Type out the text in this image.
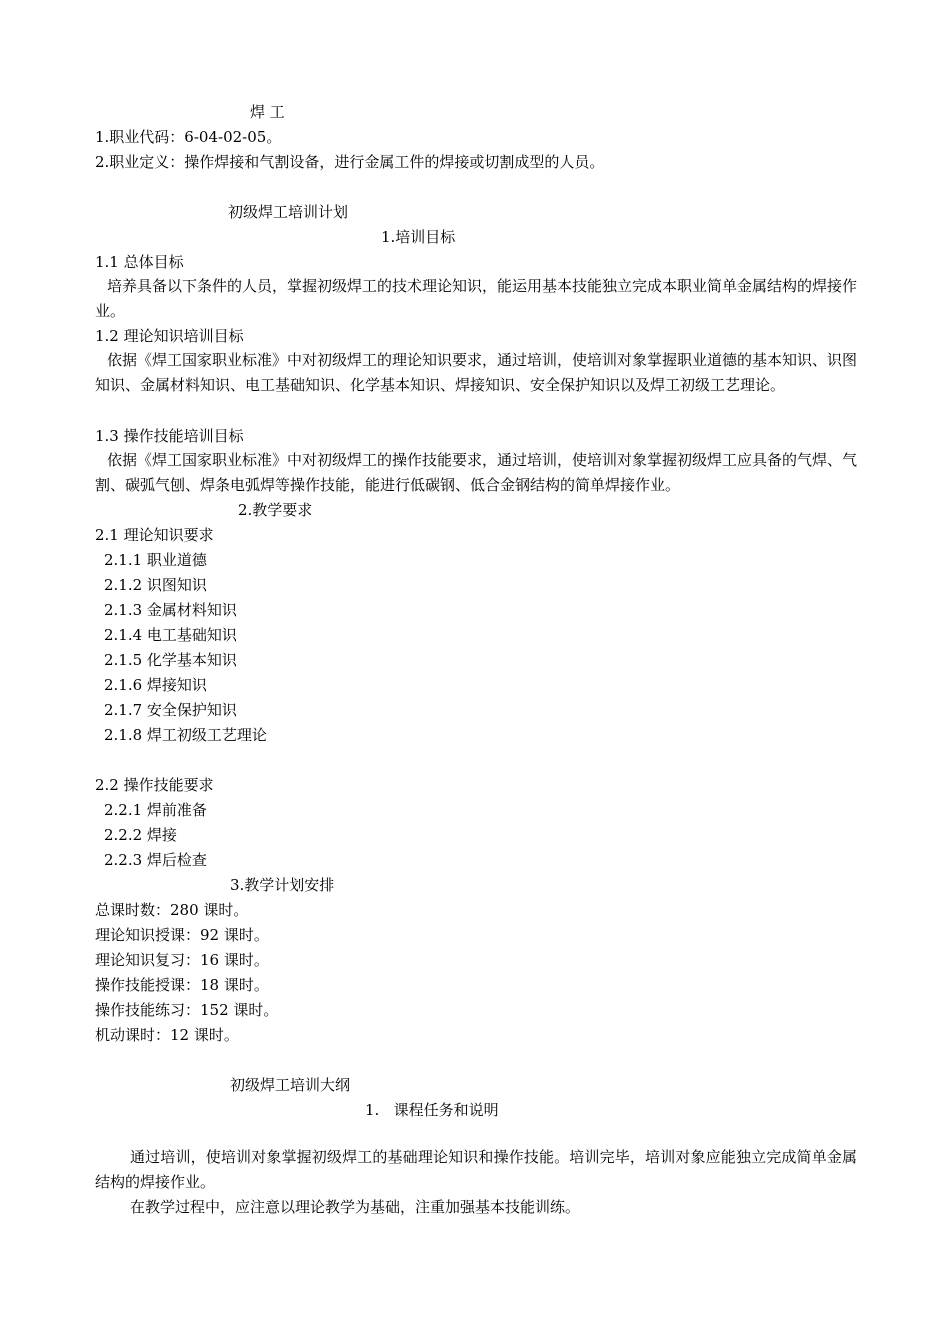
焊 工
1.职业代码：6-04-02-05。
2.职业定义：操作焊接和气割设备，进行金属工件的焊接或切割成型的人员。
初级焊工培训计划
1.培训目标
1.1 总体目标
培养具备以下条件的人员，掌握初级焊工的技术理论知识，能运用基本技能独立完成本职业简单金属结构的焊接作业。
1.2 理论知识培训目标
依据《焊工国家职业标准》中对初级焊工的理论知识要求，通过培训，使培训对象掌握职业道德的基本知识、识图知识、金属材料知识、电工基础知识、化学基本知识、焊接知识、安全保护知识以及焊工初级工艺理论。
1.3 操作技能培训目标
依据《焊工国家职业标准》中对初级焊工的操作技能要求，通过培训，使培训对象掌握初级焊工应具备的气焊、气割、碳弧气刨、焊条电弧焊等操作技能，能进行低碳钢、低合金钢结构的简单焊接作业。
2.教学要求
2.1 理论知识要求
2.1.1 职业道德
2.1.2 识图知识
2.1.3 金属材料知识
2.1.4 电工基础知识
2.1.5 化学基本知识
2.1.6 焊接知识
2.1.7 安全保护知识
2.1.8 焊工初级工艺理论
2.2 操作技能要求
2.2.1 焊前准备
2.2.2 焊接
2.2.3 焊后检查
3.教学计划安排
总课时数：280 课时。
理论知识授课：92 课时。
理论知识复习：16 课时。
操作技能授课：18 课时。
操作技能练习：152 课时。
机动课时：12 课时。
初级焊工培训大纲
1.   课程任务和说明
通过培训，使培训对象掌握初级焊工的基础理论知识和操作技能。培训完毕，培训对象应能独立完成简单金属结构的焊接作业。
在教学过程中，应注意以理论教学为基础，注重加强基本技能训练。
